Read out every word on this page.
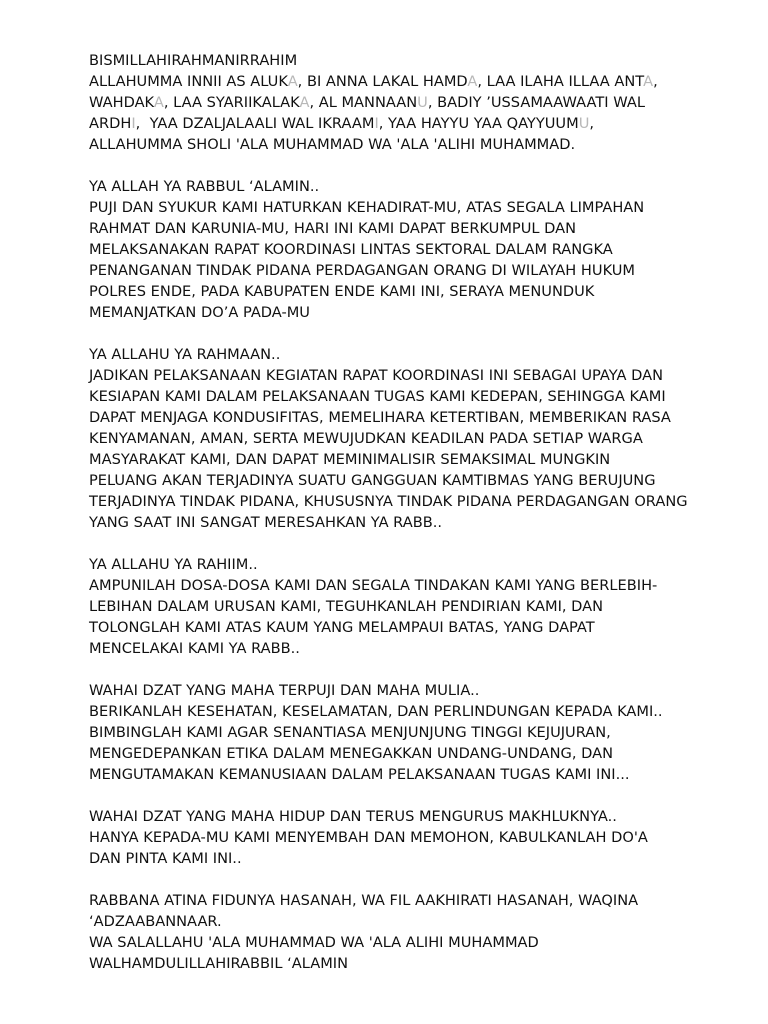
BISMILLAHIRAHMANIRRAHIM
ALLAHUMMA INNII AS ALUKA, BI ANNA LAKAL HAMDA, LAA ILAHA ILLAA ANTA,
WAHDAKA, LAA SYARIIKALAKA, AL MANNAANU, BADIY ’USSAMAAWAATI WAL
ARDHI,  YAA DZALJALAALI WAL IKRAAMI, YAA HAYYU YAA QAYYUUMU,
ALLAHUMMA SHOLI 'ALA MUHAMMAD WA 'ALA 'ALIHI MUHAMMAD.

YA ALLAH YA RABBUL ‘ALAMIN..
PUJI DAN SYUKUR KAMI HATURKAN KEHADIRAT-MU, ATAS SEGALA LIMPAHAN
RAHMAT DAN KARUNIA-MU, HARI INI KAMI DAPAT BERKUMPUL DAN
MELAKSANAKAN RAPAT KOORDINASI LINTAS SEKTORAL DALAM RANGKA
PENANGANAN TINDAK PIDANA PERDAGANGAN ORANG DI WILAYAH HUKUM
POLRES ENDE, PADA KABUPATEN ENDE KAMI INI, SERAYA MENUNDUK
MEMANJATKAN DO’A PADA-MU

YA ALLAHU YA RAHMAAN..
JADIKAN PELAKSANAAN KEGIATAN RAPAT KOORDINASI INI SEBAGAI UPAYA DAN
KESIAPAN KAMI DALAM PELAKSANAAN TUGAS KAMI KEDEPAN, SEHINGGA KAMI
DAPAT MENJAGA KONDUSIFITAS, MEMELIHARA KETERTIBAN, MEMBERIKAN RASA
KENYAMANAN, AMAN, SERTA MEWUJUDKAN KEADILAN PADA SETIAP WARGA
MASYARAKAT KAMI, DAN DAPAT MEMINIMALISIR SEMAKSIMAL MUNGKIN
PELUANG AKAN TERJADINYA SUATU GANGGUAN KAMTIBMAS YANG BERUJUNG
TERJADINYA TINDAK PIDANA, KHUSUSNYA TINDAK PIDANA PERDAGANGAN ORANG
YANG SAAT INI SANGAT MERESAHKAN YA RABB..

YA ALLAHU YA RAHIIM..
AMPUNILAH DOSA-DOSA KAMI DAN SEGALA TINDAKAN KAMI YANG BERLEBIH-
LEBIHAN DALAM URUSAN KAMI, TEGUHKANLAH PENDIRIAN KAMI, DAN
TOLONGLAH KAMI ATAS KAUM YANG MELAMPAUI BATAS, YANG DAPAT
MENCELAKAI KAMI YA RABB..

WAHAI DZAT YANG MAHA TERPUJI DAN MAHA MULIA..
BERIKANLAH KESEHATAN, KESELAMATAN, DAN PERLINDUNGAN KEPADA KAMI..
BIMBINGLAH KAMI AGAR SENANTIASA MENJUNJUNG TINGGI KEJUJURAN,
MENGEDEPANKAN ETIKA DALAM MENEGAKKAN UNDANG-UNDANG, DAN
MENGUTAMAKAN KEMANUSIAAN DALAM PELAKSANAAN TUGAS KAMI INI...

WAHAI DZAT YANG MAHA HIDUP DAN TERUS MENGURUS MAKHLUKNYA..
HANYA KEPADA-MU KAMI MENYEMBAH DAN MEMOHON, KABULKANLAH DO'A
DAN PINTA KAMI INI..

RABBANA ATINA FIDUNYA HASANAH, WA FIL AAKHIRATI HASANAH, WAQINA
‘ADZAABANNAAR.
WA SALALLAHU 'ALA MUHAMMAD WA 'ALA ALIHI MUHAMMAD
WALHAMDULILLAHIRABBIL ‘ALAMIN
